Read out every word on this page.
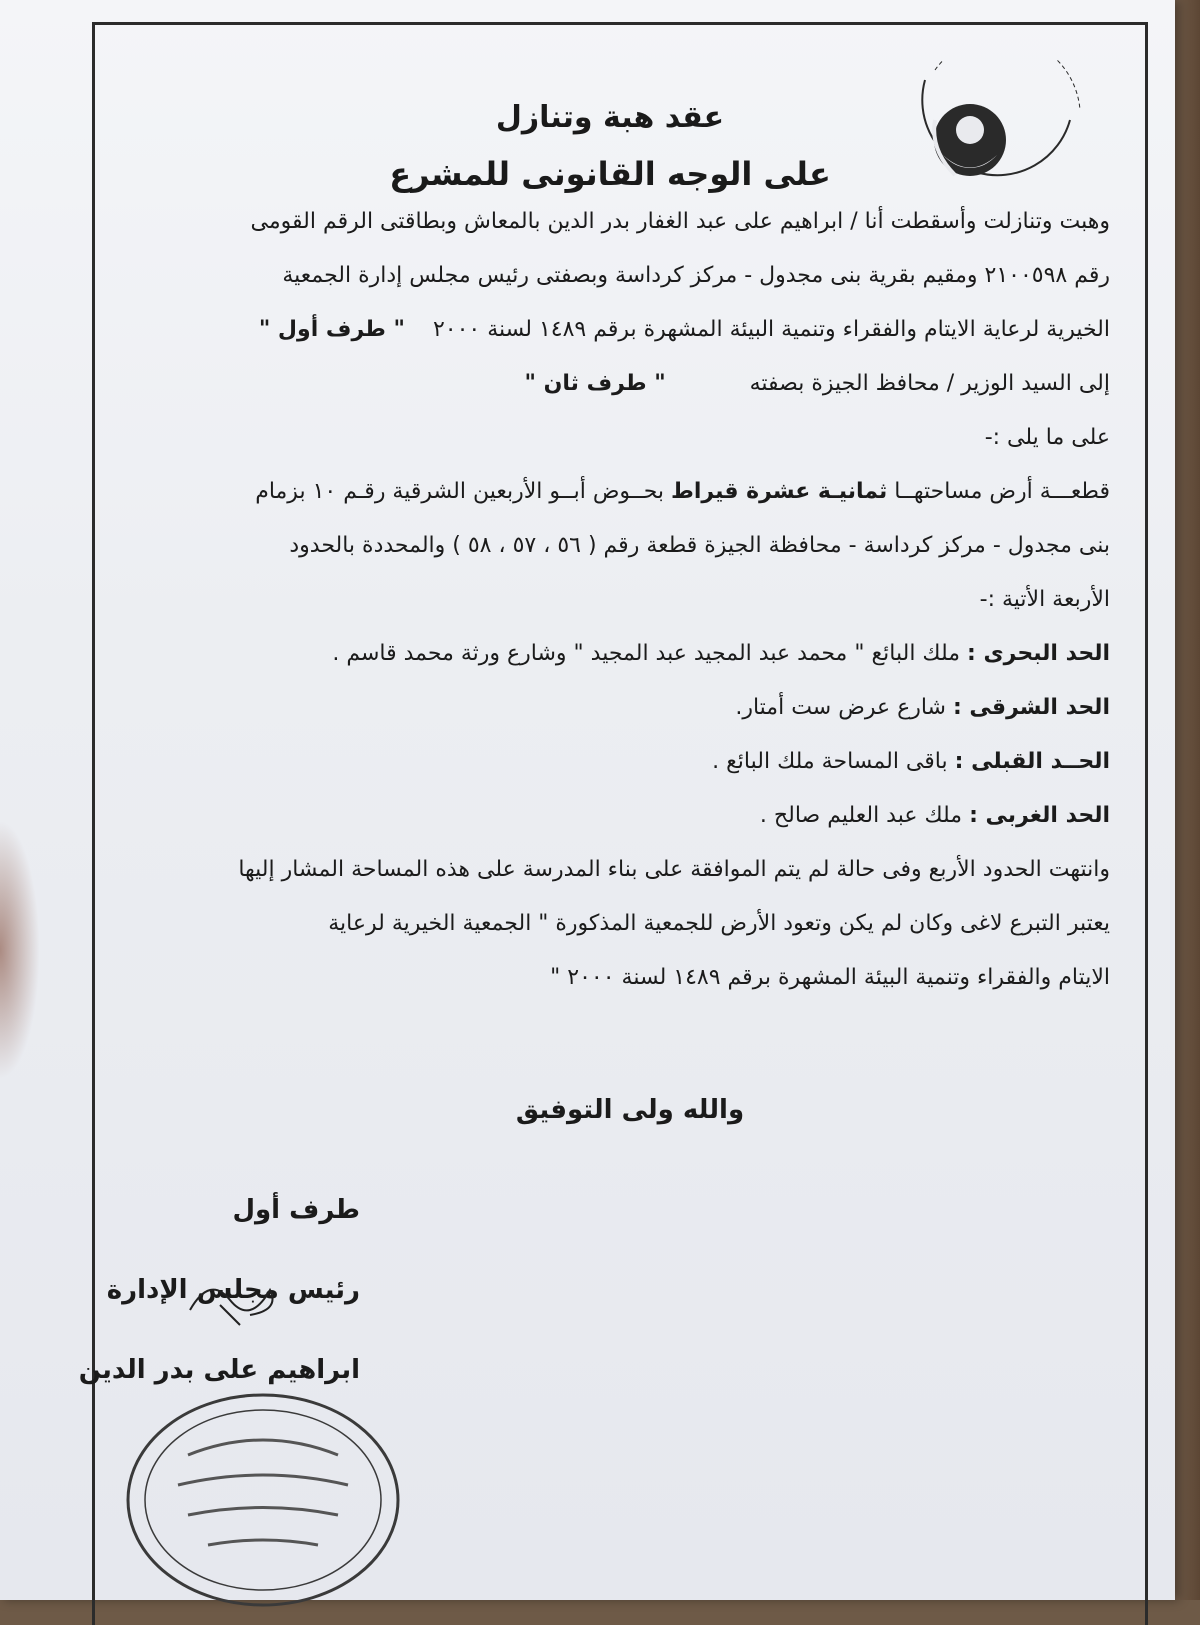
عقد هبة وتنازل
على الوجه القانونى للمشرع
وهبت وتنازلت وأسقطت أنا / ابراهيم على عبد الغفار بدر الدين بالمعاش وبطاقتى الرقم القومى
رقم ٢١٠٠٥٩٨ ومقيم بقرية بنى مجدول - مركز كرداسة وبصفتى رئيس مجلس إدارة الجمعية
الخيرية لرعاية الايتام والفقراء وتنمية البيئة المشهرة برقم ١٤٨٩ لسنة ٢٠٠٠    " طرف أول "
إلى السيد الوزير / محافظ الجيزة بصفته            " طرف ثان "
على ما يلى :-
قطعـــة أرض مساحتهــا ثمانيـة عشرة قيراط بحــوض أبــو الأربعين الشرقية رقـم ١٠ بزمام
بنى مجدول - مركز كرداسة - محافظة الجيزة قطعة رقم ( ٥٦ ، ٥٧ ، ٥٨ ) والمحددة بالحدود
الأربعة الأتية :-
الحد البحرى : ملك البائع " محمد عبد المجيد عبد المجيد " وشارع ورثة محمد قاسم .
الحد الشرقى : شارع عرض ست أمتار.
الحــد القبلى : باقى المساحة ملك البائع .
الحد الغربى : ملك عبد العليم صالح .
وانتهت الحدود الأربع وفى حالة لم يتم الموافقة على بناء المدرسة على هذه المساحة المشار إليها
يعتبر التبرع لاغى وكان لم يكن وتعود الأرض للجمعية المذكورة " الجمعية الخيرية لرعاية
الايتام والفقراء وتنمية البيئة المشهرة برقم ١٤٨٩ لسنة ٢٠٠٠ "
والله ولى التوفيق
طرف أول
رئيس مجلس الإدارة
ابراهيم على بدر الدين
